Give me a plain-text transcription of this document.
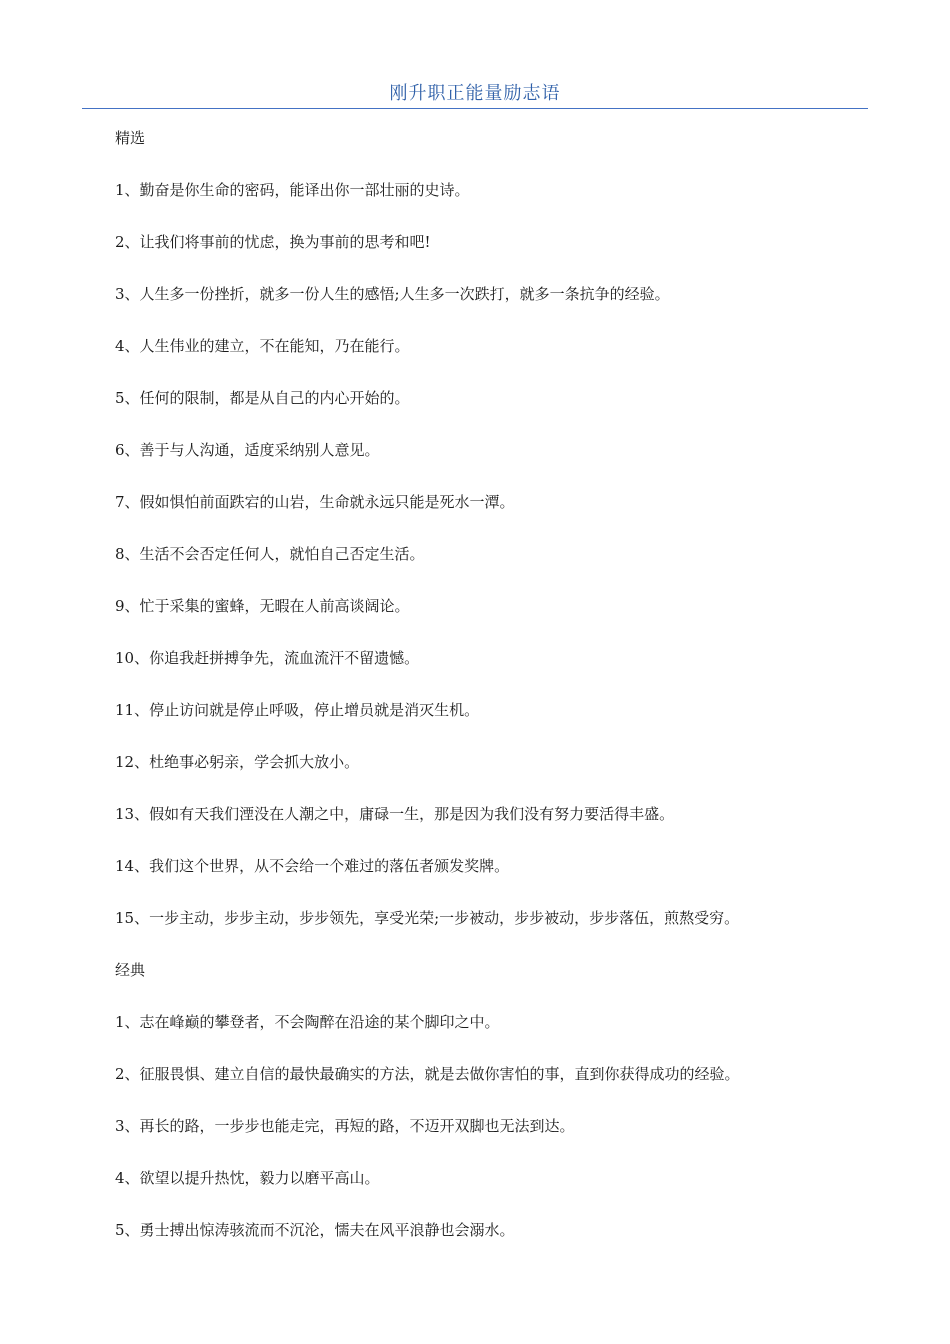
刚升职正能量励志语
精选
1、勤奋是你生命的密码，能译出你一部壮丽的史诗。
2、让我们将事前的忧虑，换为事前的思考和吧!
3、人生多一份挫折，就多一份人生的感悟;人生多一次跌打，就多一条抗争的经验。
4、人生伟业的建立，不在能知，乃在能行。
5、任何的限制，都是从自己的内心开始的。
6、善于与人沟通，适度采纳别人意见。
7、假如惧怕前面跌宕的山岩，生命就永远只能是死水一潭。
8、生活不会否定任何人，就怕自己否定生活。
9、忙于采集的蜜蜂，无暇在人前高谈阔论。
10、你追我赶拼搏争先，流血流汗不留遗憾。
11、停止访问就是停止呼吸，停止增员就是消灭生机。
12、杜绝事必躬亲，学会抓大放小。
13、假如有天我们湮没在人潮之中，庸碌一生，那是因为我们没有努力要活得丰盛。
14、我们这个世界，从不会给一个难过的落伍者颁发奖牌。
15、一步主动，步步主动，步步领先，享受光荣;一步被动，步步被动，步步落伍，煎熬受穷。
经典
1、志在峰巅的攀登者，不会陶醉在沿途的某个脚印之中。
2、征服畏惧、建立自信的最快最确实的方法，就是去做你害怕的事，直到你获得成功的经验。
3、再长的路，一步步也能走完，再短的路，不迈开双脚也无法到达。
4、欲望以提升热忱，毅力以磨平高山。
5、勇士搏出惊涛骇流而不沉沦，懦夫在风平浪静也会溺水。
